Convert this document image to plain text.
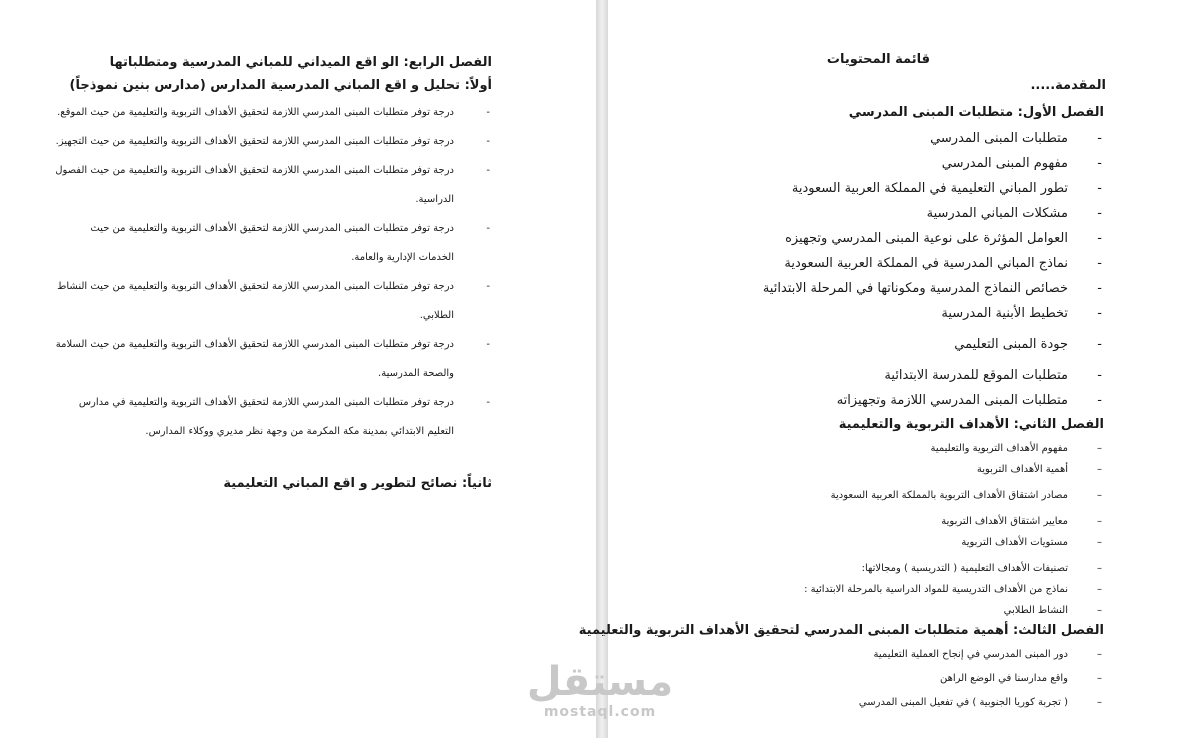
الفصل الرابع: الو اقع الميداني للمباني المدرسية ومتطلباتها

أولاً: تحليل و اقع المباني المدرسية المدارس (مدارس بنين نموذجاً)

- درجة توفر متطلبات المبنى المدرسي اللازمة لتحقيق الأهداف التربوية والتعليمية من حيث الموقع.
- درجة توفر متطلبات المبنى المدرسي اللازمة لتحقيق الأهداف التربوية والتعليمية من حيث التجهيز.
- درجة توفر متطلبات المبنى المدرسي اللازمة لتحقيق الأهداف التربوية والتعليمية من حيث الفصول الدراسية.
- درجة توفر متطلبات المبنى المدرسي اللازمة لتحقيق الأهداف التربوية والتعليمية من حيث الخدمات الإدارية والعامة.
- درجة توفر متطلبات المبنى المدرسي اللازمة لتحقيق الأهداف التربوية والتعليمية من حيث النشاط الطلابي.
- درجة توفر متطلبات المبنى المدرسي اللازمة لتحقيق الأهداف التربوية والتعليمية من حيث السلامة والصحة المدرسية.
- درجة توفر متطلبات المبنى المدرسي اللازمة لتحقيق الأهداف التربوية والتعليمية في مدارس التعليم الابتدائي بمدينة مكة المكرمة من وجهة نظر مديري ووكلاء المدارس.
ثانياً: نصائح لتطوير و اقع المباني التعليمية
قائمة المحتويات
المقدمة.....

الفصل الأول: متطلبات المبنى المدرسي

- متطلبات المبنى المدرسي
- مفهوم المبنى المدرسي
- تطور المباني التعليمية في المملكة العربية السعودية
- مشكلات المباني المدرسية
- العوامل المؤثرة على نوعية المبنى المدرسي وتجهيزه
- نماذج المباني المدرسية في المملكة العربية السعودية
- خصائص النماذج المدرسية ومكوناتها في المرحلة الابتدائية
- تخطيط الأبنية المدرسية
- جودة المبنى التعليمي
- متطلبات الموقع للمدرسة الابتدائية
- متطلبات المبنى المدرسي اللازمة وتجهيزاته

الفصل الثاني: الأهداف التربوية والتعليمية

– مفهوم الأهداف التربوية والتعليمية
– أهمية الأهداف التربوية
– مصادر اشتقاق الأهداف التربوية بالمملكة العربية السعودية
– معايير اشتقاق الأهداف التربوية
– مستويات الأهداف التربوية
– تصنيفات الأهداف التعليمية ( التدريسية ) ومجالاتها:
– نماذج من الأهداف التدريسية للمواد الدراسية بالمرحلة الابتدائية :
– النشاط الطلابي

الفصل الثالث: أهمية متطلبات المبنى المدرسي لتحقيق الأهداف التربوية والتعليمية

– دور المبنى المدرسي في إنجاح العملية التعليمية
– واقع مدارسنا في الوضع الراهن
– ( تجربة كوريا الجنوبية ) في تفعيل المبنى المدرسي
مستقل
mostaql.com
